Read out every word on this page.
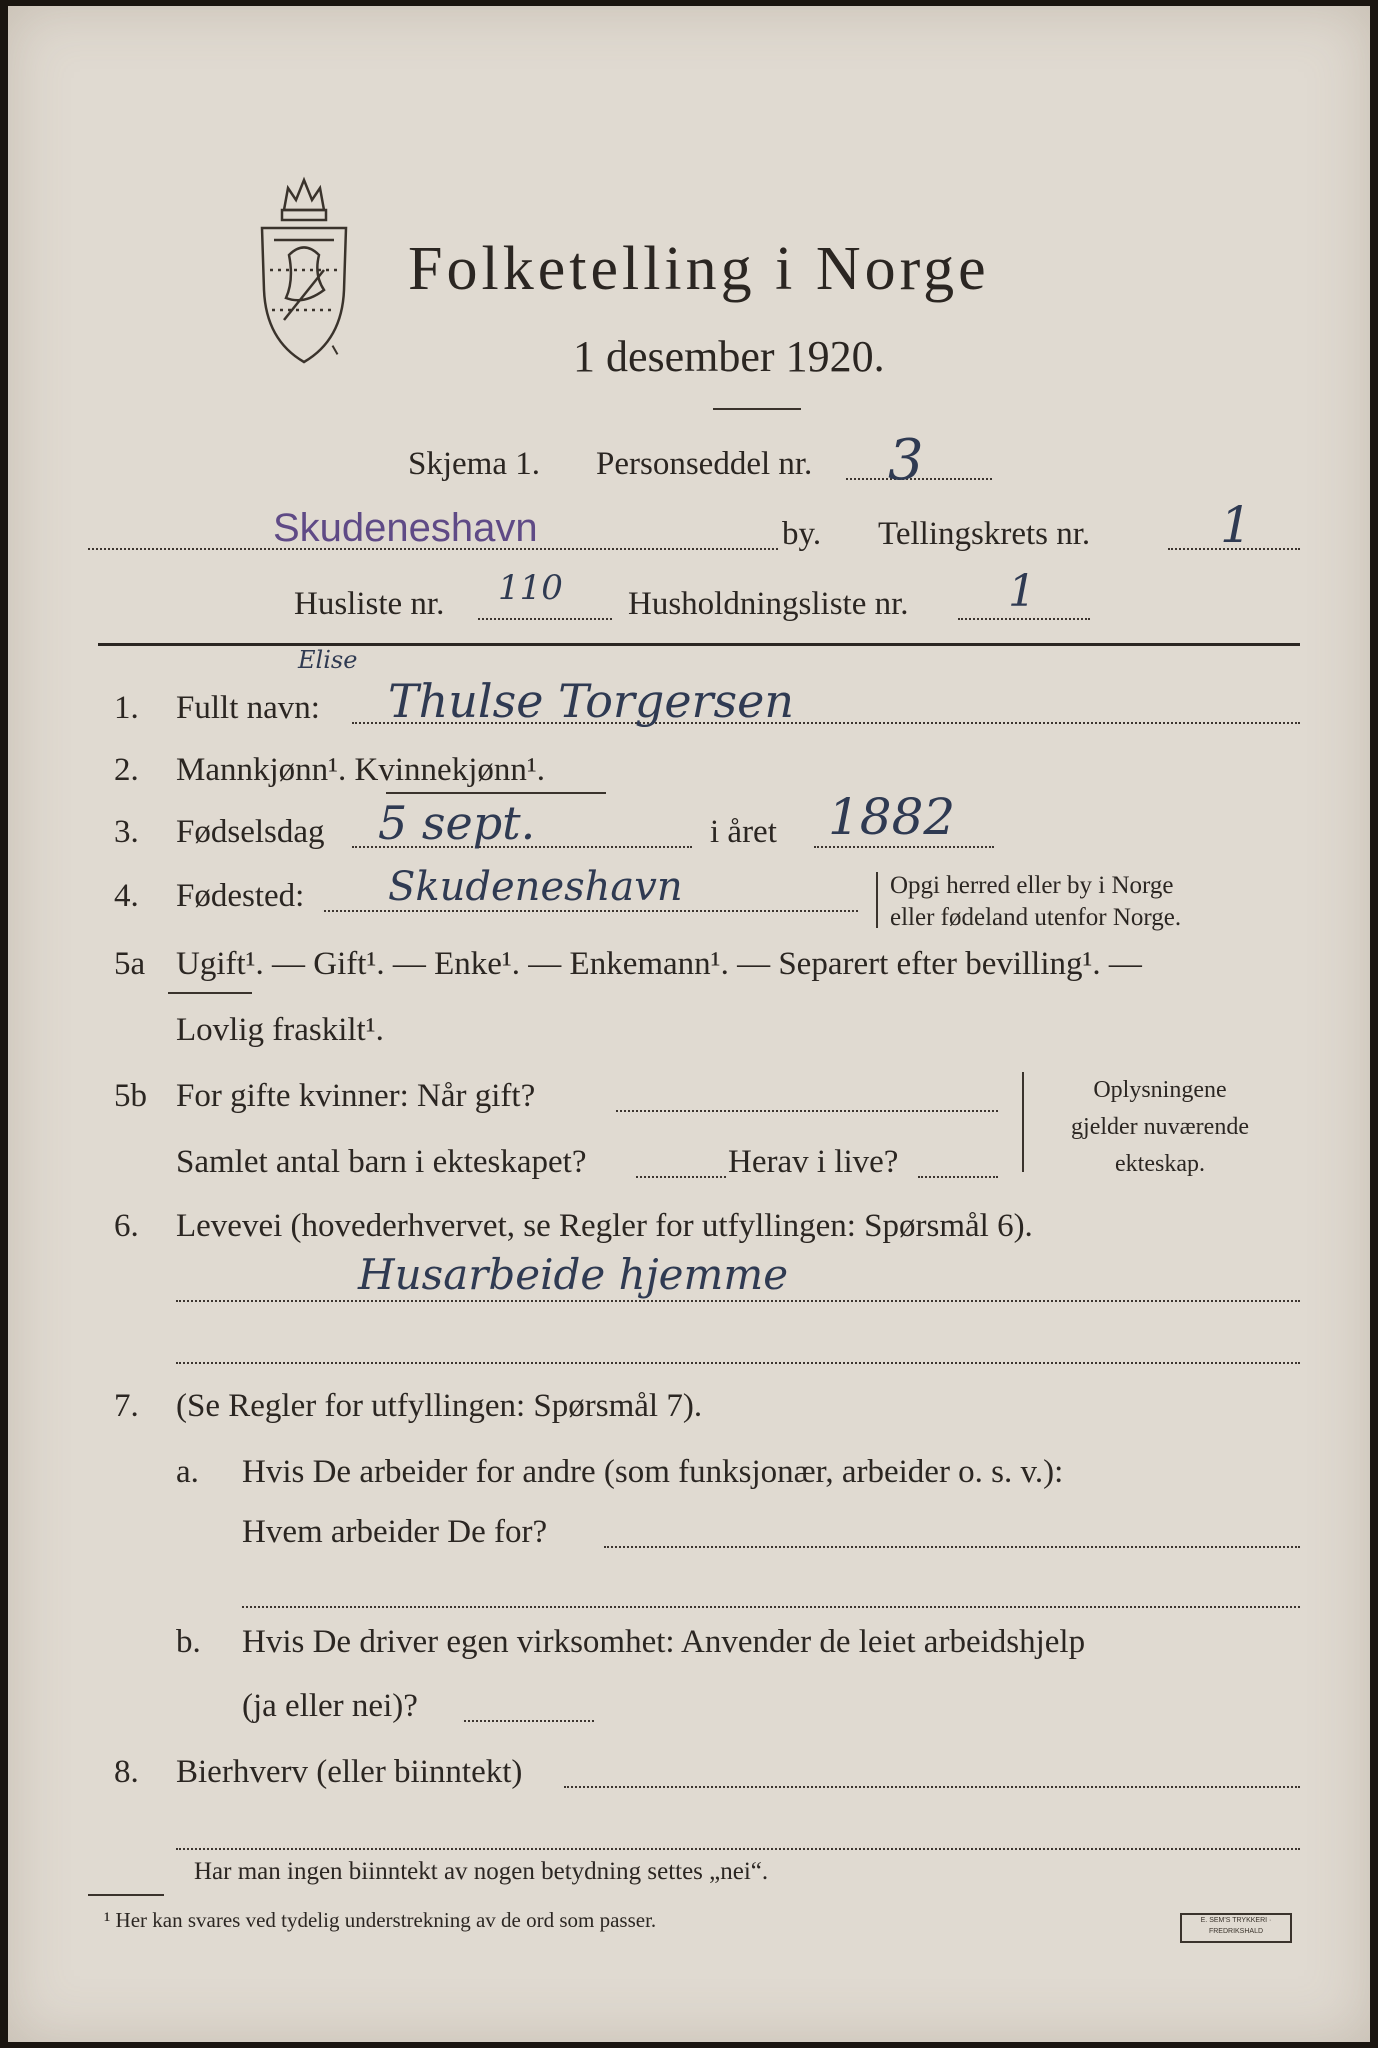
Folketelling i Norge
1 desember 1920.
Skjema 1. Personseddel nr. 3
Skudeneshavn	by. Tellingskrets nr.	1
Husliste nr. 110 Husholdningsliste nr. 1
1. Fullt navn:
Elise
Thulse Torgersen
2. Mannkjønn¹. Kvinnekjønn¹.
3. Fødselsdag 5 sept.	i året 1882
4. Fødested: Skudeneshavn	Opgi herred eller by i Norge
eller fødeland utenfor Norge.
5a Ugift¹. — Gift¹. — Enke¹. — Enkemann¹. — Separert efter bevilling¹. —
Lovlig fraskilt¹.
5b For gifte kvinner: Når gift?
Samlet antal barn i ekteskapet?	Herav i live?
Oplysningene
gjelder nuværende
ekteskap.
6. Levevei (hovederhvervet, se Regler for utfyllingen: Spørsmål 6).
Husarbeide hjemme
7. (Se Regler for utfyllingen: Spørsmål 7).
a. Hvis De arbeider for andre (som funksjonær, arbeider o. s. v.):
Hvem arbeider De for?
b. Hvis De driver egen virksomhet: Anvender de leiet arbeidshjelp
(ja eller nei)?
8. Bierhverv (eller biinntekt)
Har man ingen biinntekt av nogen betydning settes „nei“.
¹ Her kan svares ved tydelig understrekning av de ord som passer.	E. SEM'S TRYKKERI · FREDRIKSHALD
